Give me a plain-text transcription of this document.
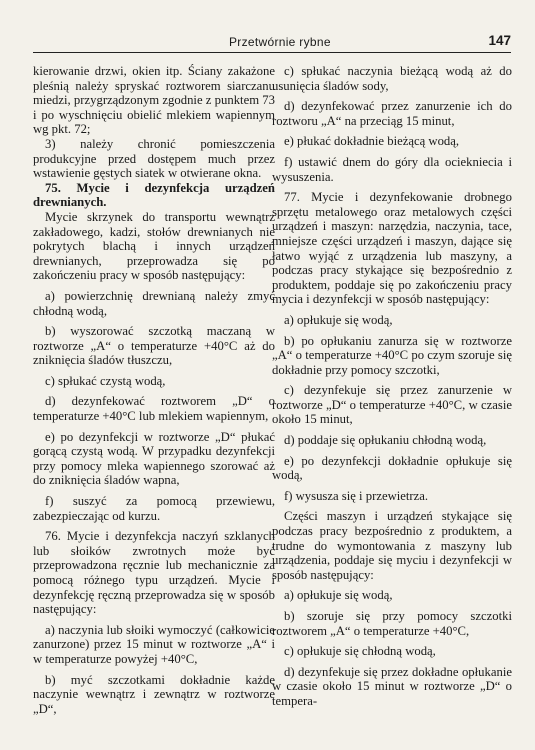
Przetwórnie rybne	147

kierowanie drzwi, okien itp. Ściany zakażone pleśnią należy spryskać roztworem siarczanu miedzi, przygrządzonym zgodnie z punktem 73 i po wyschnięciu obielić mlekiem wapiennym wg pkt. 72;

3) należy chronić pomieszczenia produkcyjne przed dostępem much przez wstawienie gęstych siatek w otwierane okna.

75. Mycie i dezynfekcja urządzeń drewnianych.

Mycie skrzynek do transportu wewnątrz zakładowego, kadzi, stołów drewnianych nie pokrytych blachą i innych urządzeń drewnianych, przeprowadza się po zakończeniu pracy w sposób następujący:

a) powierzchnię drewnianą należy zmyć chłodną wodą,

b) wyszorować szczotką maczaną w roztworze „A“ o temperaturze +40°C aż do zniknięcia śladów tłuszczu,

c) spłukać czystą wodą,

d) dezynfekować roztworem „D“ o temperaturze +40°C lub mlekiem wapiennym,

e) po dezynfekcji w roztworze „D“ płukać gorącą czystą wodą. W przypadku dezynfekcji przy pomocy mleka wapiennego szorować aż do zniknięcia śladów wapna,

f) suszyć za pomocą przewiewu, zabezpieczając od kurzu.

76. Mycie i dezynfekcja naczyń szklanych lub słoików zwrotnych może być przeprowadzona ręcznie lub mechanicznie za pomocą różnego typu urządzeń. Mycie i dezynfekcję ręczną przeprowadza się w sposób następujący:

a) naczynia lub słoiki wymoczyć (całkowicie zanurzone) przez 15 minut w roztworze „A“ i w temperaturze powyżej +40°C,

b) myć szczotkami dokładnie każde naczynie wewnątrz i zewnątrz w roztworze „D“,

c) spłukać naczynia bieżącą wodą aż do usunięcia śladów sody,

d) dezynfekować przez zanurzenie ich do roztworu „A“ na przeciąg 15 minut,

e) płukać dokładnie bieżącą wodą,

f) ustawić dnem do góry dla ociekniecia i wysuszenia.

77. Mycie i dezynfekowanie drobnego sprzętu metalowego oraz metalowych części urządzeń i maszyn: narzędzia, naczynia, tace, mniejsze części urządzeń i maszyn, dające się łatwo wyjąć z urządzenia lub maszyny, a podczas pracy stykające się bezpośrednio z produktem, poddaje się po zakończeniu pracy mycia i dezynfekcji w sposób następujący:

a) opłukuje się wodą,

b) po opłukaniu zanurza się w roztworze „A“ o temperaturze +40°C po czym szoruje się dokładnie przy pomocy szczotki,

c) dezynfekuje się przez zanurzenie w roztworze „D“ o temperaturze +40°C, w czasie około 15 minut,

d) poddaje się opłukaniu chłodną wodą,

e) po dezynfekcji dokładnie opłukuje się wodą,

f) wysusza się i przewietrza.

Części maszyn i urządzeń stykające się podczas pracy bezpośrednio z produktem, a trudne do wymontowania z maszyny lub urządzenia, poddaje się myciu i dezynfekcji w sposób następujący:

a) opłukuje się wodą,

b) szoruje się przy pomocy szczotki roztworem „A“ o temperaturze +40°C,

c) opłukuje się chłodną wodą,

d) dezynfekuje się przez dokładne opłukanie w czasie około 15 minut w roztworze „D“ o tempera-
